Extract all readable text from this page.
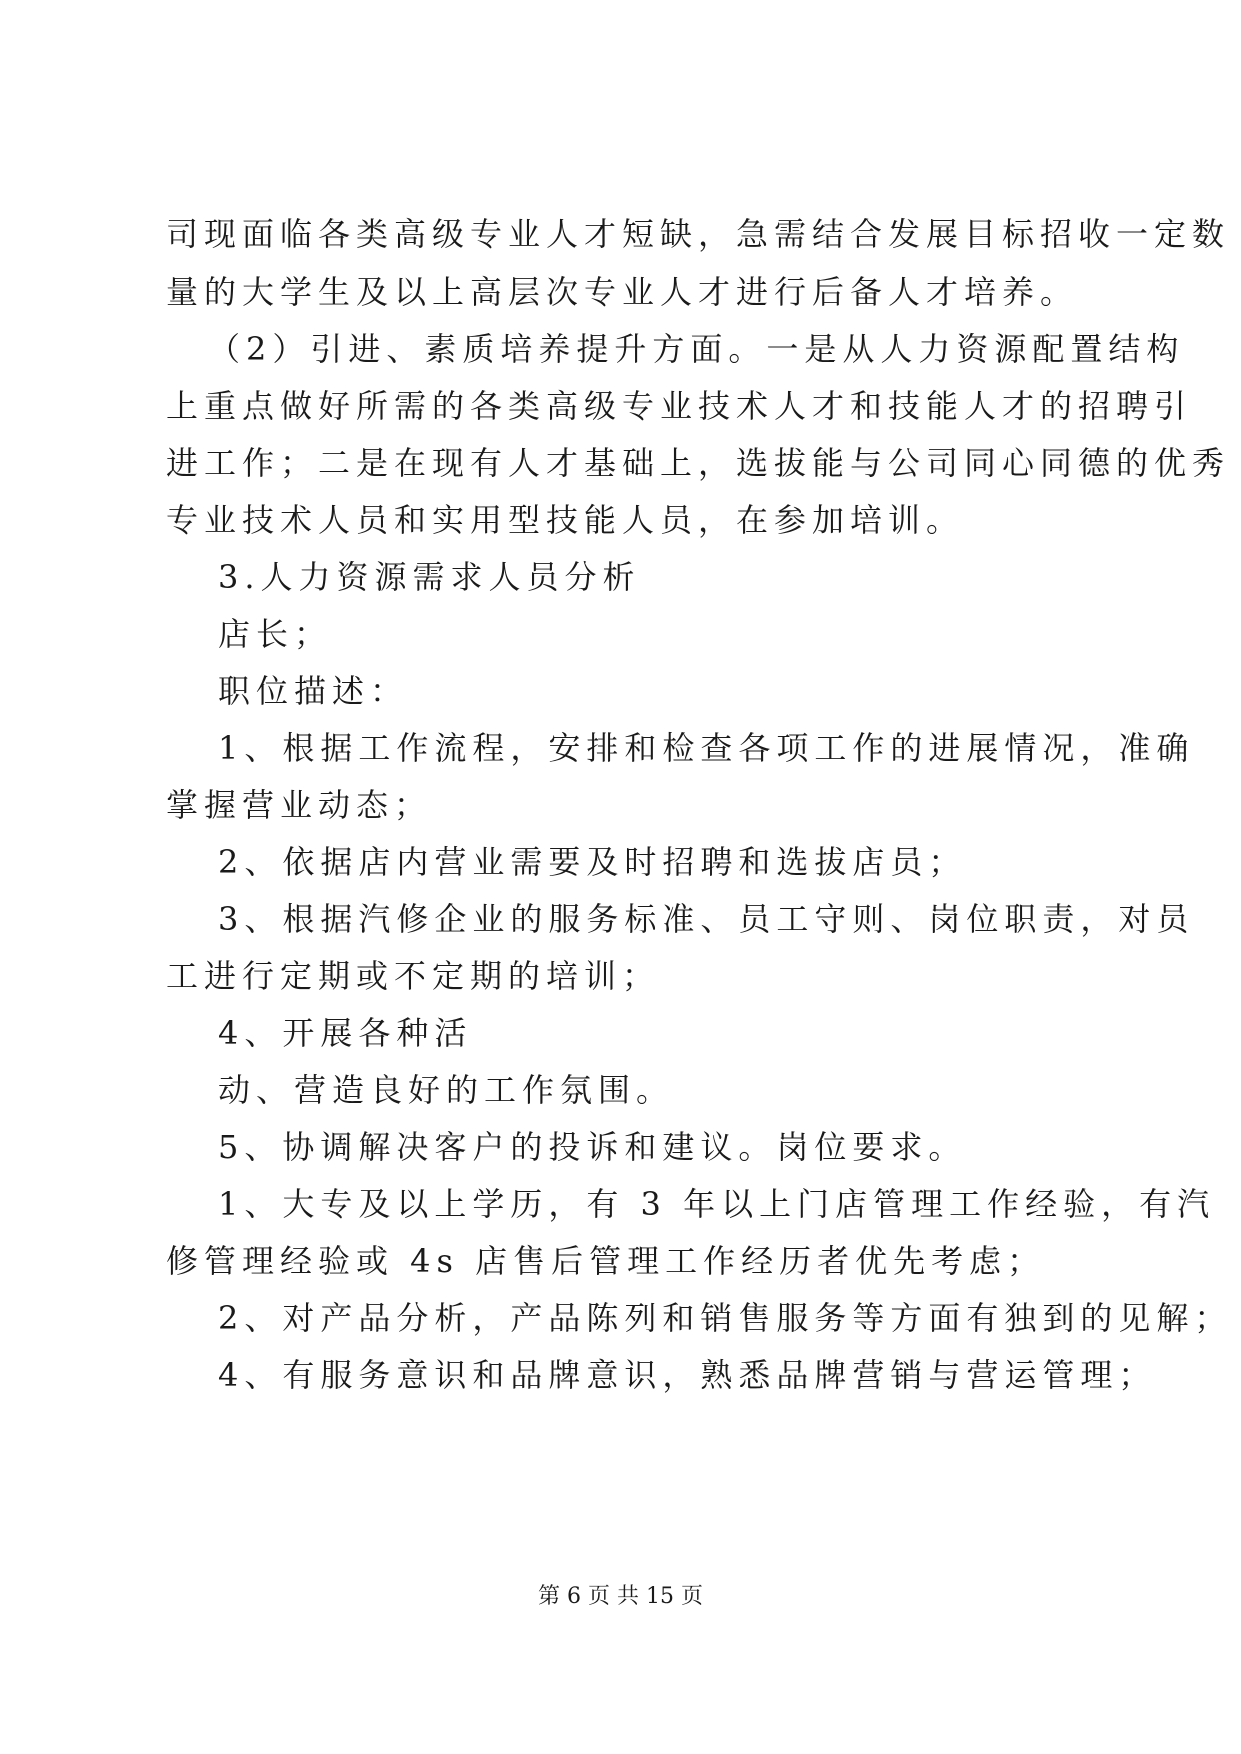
司现面临各类高级专业人才短缺，急需结合发展目标招收一定数
量的大学生及以上高层次专业人才进行后备人才培养。
（2）引进、素质培养提升方面。一是从人力资源配置结构
上重点做好所需的各类高级专业技术人才和技能人才的招聘引
进工作；二是在现有人才基础上，选拔能与公司同心同德的优秀
专业技术人员和实用型技能人员，在参加培训。
3.人力资源需求人员分析
店长；
职位描述：
1、根据工作流程，安排和检查各项工作的进展情况，准确
掌握营业动态；
2、依据店内营业需要及时招聘和选拔店员；
3、根据汽修企业的服务标准、员工守则、岗位职责，对员
工进行定期或不定期的培训；
4、开展各种活
动、营造良好的工作氛围。
5、协调解决客户的投诉和建议。岗位要求。
1、大专及以上学历，有 3 年以上门店管理工作经验，有汽
修管理经验或 4s 店售后管理工作经历者优先考虑；
2、对产品分析，产品陈列和销售服务等方面有独到的见解；
4、有服务意识和品牌意识，熟悉品牌营销与营运管理；
第 6 页 共 15 页
